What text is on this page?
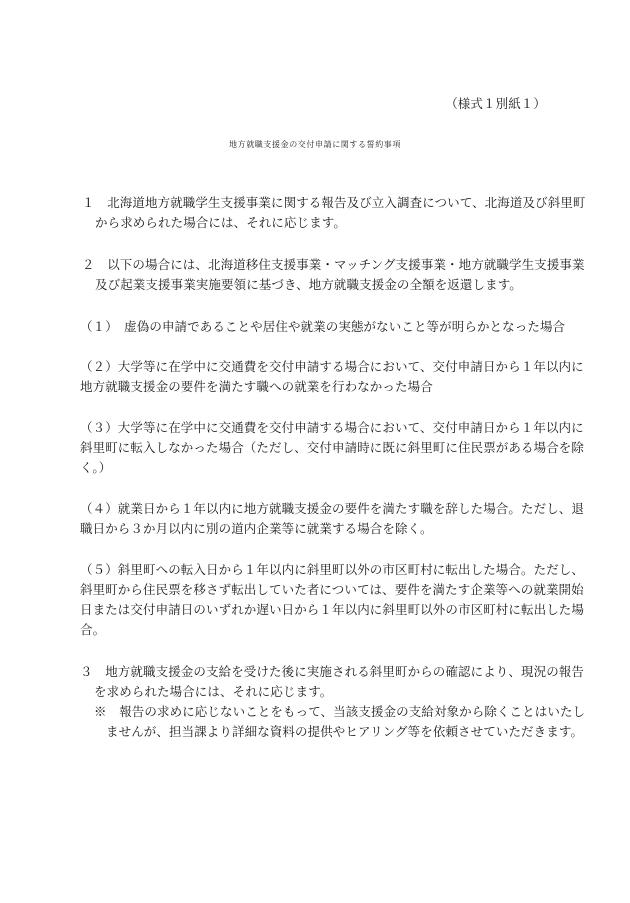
（様式１別紙１）
地方就職支援金の交付申請に関する誓約事項
１　北海道地方就職学生支援事業に関する報告及び立入調査について、北海道及び斜里町
から求められた場合には、それに応じます。
２　以下の場合には、北海道移住支援事業・マッチング支援事業・地方就職学生支援事業
及び起業支援事業実施要領に基づき、地方就職支援金の全額を返還します。
（１）　虚偽の申請であることや居住や就業の実態がないこと等が明らかとなった場合
（２）大学等に在学中に交通費を交付申請する場合において、交付申請日から１年以内に
地方就職支援金の要件を満たす職への就業を行わなかった場合
（３）大学等に在学中に交通費を交付申請する場合において、交付申請日から１年以内に
斜里町に転入しなかった場合（ただし、交付申請時に既に斜里町に住民票がある場合を除
く。）
（４）就業日から１年以内に地方就職支援金の要件を満たす職を辞した場合。ただし、退
職日から３か月以内に別の道内企業等に就業する場合を除く。
（５）斜里町への転入日から１年以内に斜里町以外の市区町村に転出した場合。ただし、
斜里町から住民票を移さず転出していた者については、要件を満たす企業等への就業開始
日または交付申請日のいずれか遅い日から１年以内に斜里町以外の市区町村に転出した場
合。
３　地方就職支援金の支給を受けた後に実施される斜里町からの確認により、現況の報告
を求められた場合には、それに応じます。
※　報告の求めに応じないことをもって、当該支援金の支給対象から除くことはいたし
ませんが、担当課より詳細な資料の提供やヒアリング等を依頼させていただきます。
